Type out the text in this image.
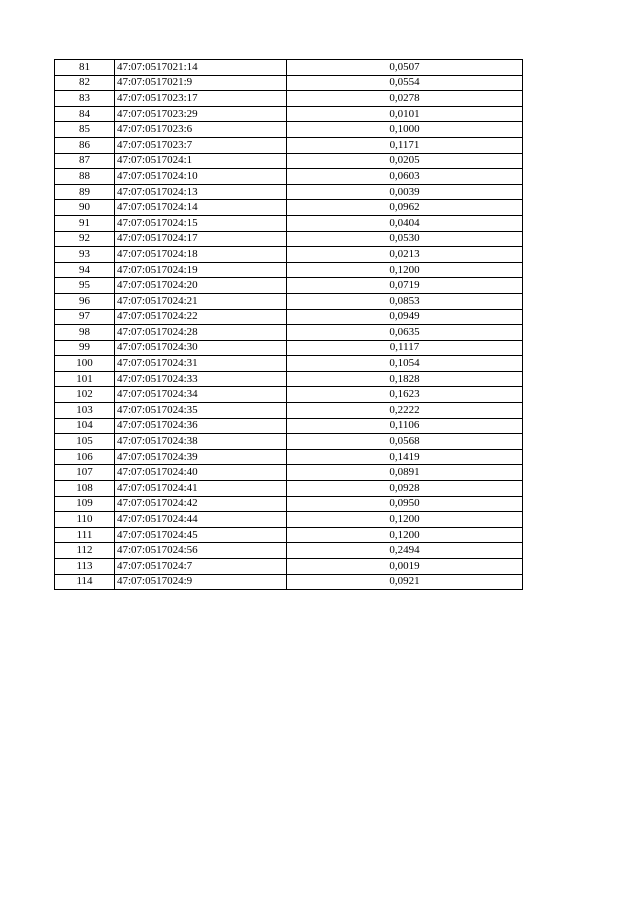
81	47:07:0517021:14	0,0507
82	47:07:0517021:9	0,0554
83	47:07:0517023:17	0,0278
84	47:07:0517023:29	0,0101
85	47:07:0517023:6	0,1000
86	47:07:0517023:7	0,1171
87	47:07:0517024:1	0,0205
88	47:07:0517024:10	0,0603
89	47:07:0517024:13	0,0039
90	47:07:0517024:14	0,0962
91	47:07:0517024:15	0,0404
92	47:07:0517024:17	0,0530
93	47:07:0517024:18	0,0213
94	47:07:0517024:19	0,1200
95	47:07:0517024:20	0,0719
96	47:07:0517024:21	0,0853
97	47:07:0517024:22	0,0949
98	47:07:0517024:28	0,0635
99	47:07:0517024:30	0,1117
100	47:07:0517024:31	0,1054
101	47:07:0517024:33	0,1828
102	47:07:0517024:34	0,1623
103	47:07:0517024:35	0,2222
104	47:07:0517024:36	0,1106
105	47:07:0517024:38	0,0568
106	47:07:0517024:39	0,1419
107	47:07:0517024:40	0,0891
108	47:07:0517024:41	0,0928
109	47:07:0517024:42	0,0950
110	47:07:0517024:44	0,1200
111	47:07:0517024:45	0,1200
112	47:07:0517024:56	0,2494
113	47:07:0517024:7	0,0019
114	47:07:0517024:9	0,0921
